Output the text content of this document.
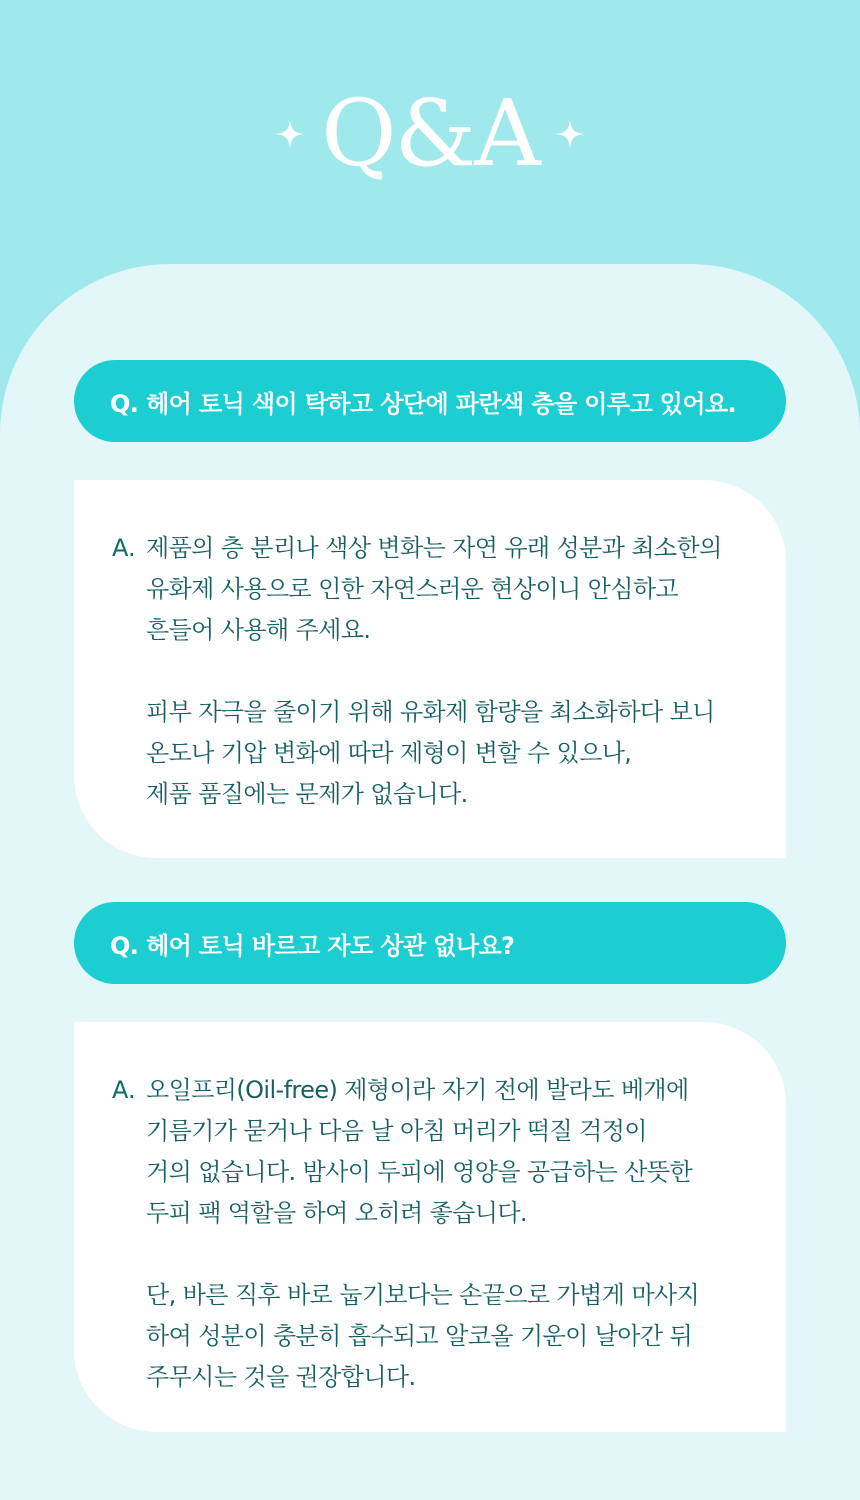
Q&A
Q. 헤어 토닉 색이 탁하고 상단에 파란색 층을 이루고 있어요.
A. 제품의 층 분리나 색상 변화는 자연 유래 성분과 최소한의
유화제 사용으로 인한 자연스러운 현상이니 안심하고
흔들어 사용해 주세요.
피부 자극을 줄이기 위해 유화제 함량을 최소화하다 보니
온도나 기압 변화에 따라 제형이 변할 수 있으나,
제품 품질에는 문제가 없습니다.
Q. 헤어 토닉 바르고 자도 상관 없나요?
A. 오일프리(Oil-free) 제형이라 자기 전에 발라도 베개에
기름기가 묻거나 다음 날 아침 머리가 떡질 걱정이
거의 없습니다. 밤사이 두피에 영양을 공급하는 산뜻한
두피 팩 역할을 하여 오히려 좋습니다.
단, 바른 직후 바로 눕기보다는 손끝으로 가볍게 마사지
하여 성분이 충분히 흡수되고 알코올 기운이 날아간 뒤
주무시는 것을 권장합니다.
